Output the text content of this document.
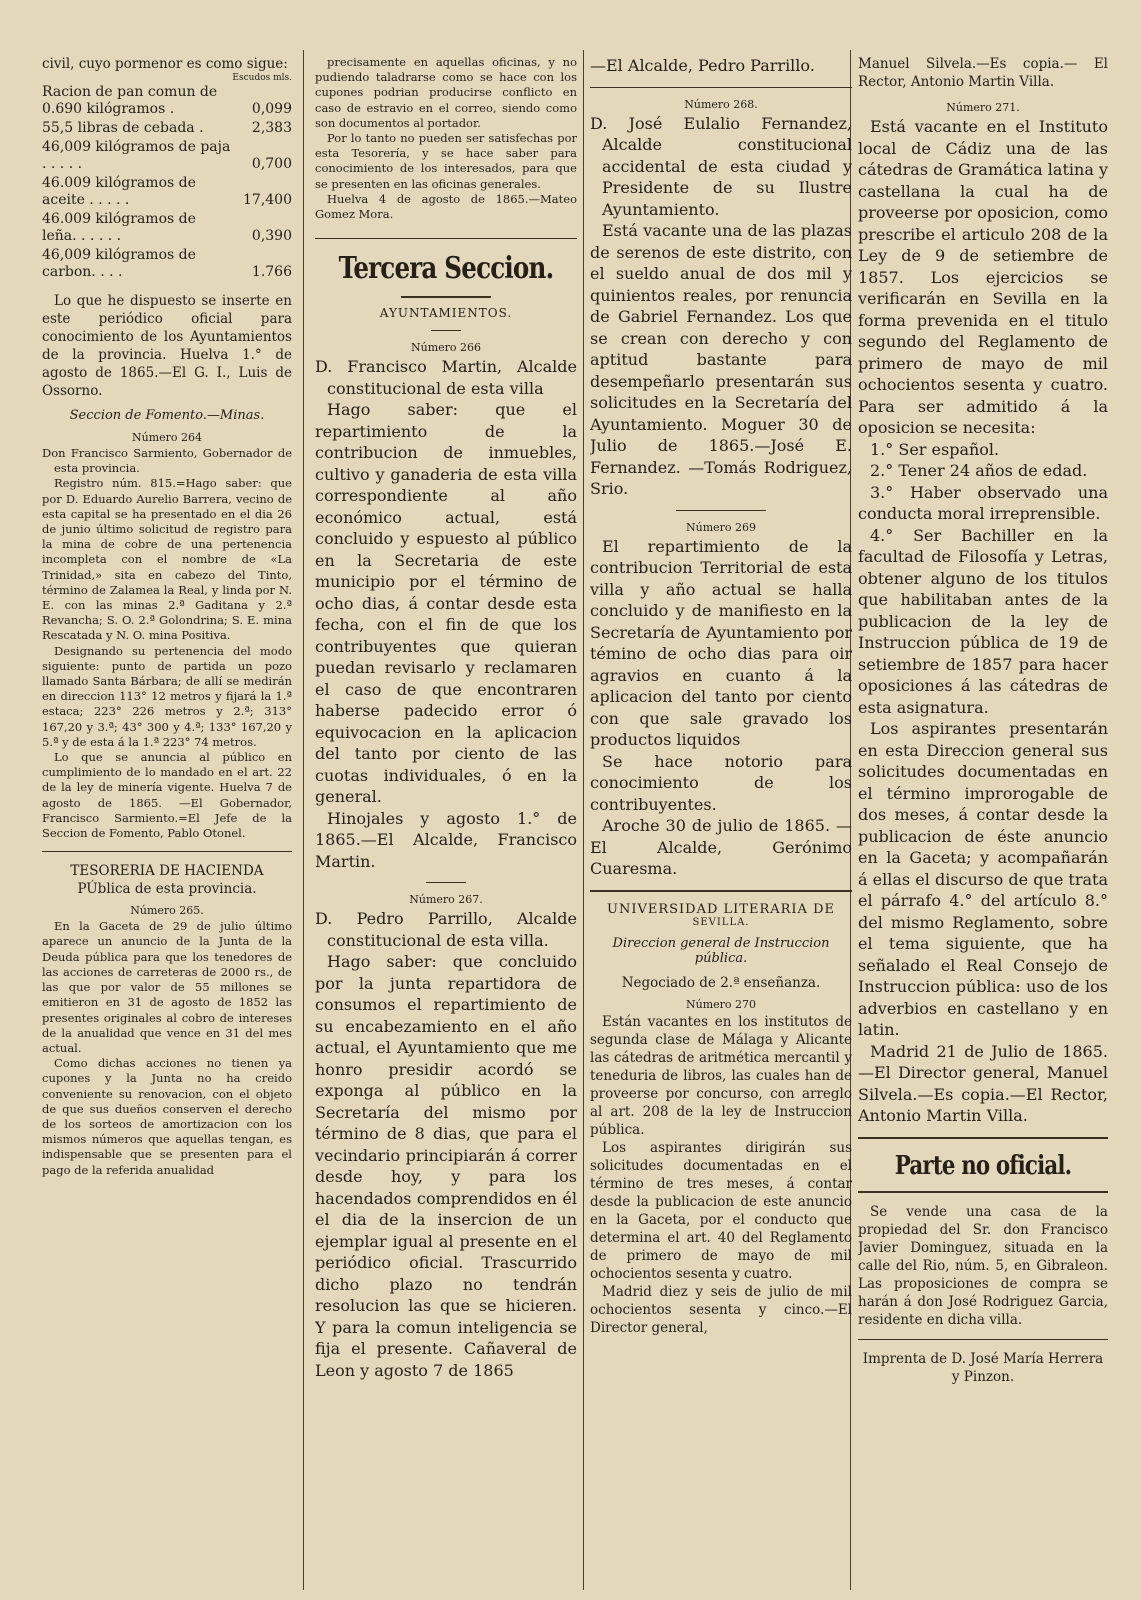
civil, cuyo pormenor es como sigue:

Escudos mls.
Racion de pan comun de 0.690 kilógramos .	0,099
55,5 libras de cebada .	2,383
46,009 kilógramos de paja . . . . .	0,700
46.009 kilógramos de aceite . . . . .	17,400
46.009 kilógramos de leña. . . . . .	0,390
46,009 kilógramos de carbon. . . .	1.766

Lo que he dispuesto se inserte en este periódico oficial para conocimiento de los Ayuntamientos de la provincia. Huelva 1.° de agosto de 1865.—El G. I., Luis de Ossorno.

Seccion de Fomento.—Minas.
Número 264

Don Francisco Sarmiento, Gobernador de esta provincia.

Registro núm. 815.=Hago saber: que por D. Eduardo Aurelio Barrera, vecino de esta capital se ha presentado en el dia 26 de junio último solicitud de registro para la mina de cobre de una pertenencia incompleta con el nombre de «La Trinidad,» sita en cabezo del Tinto, término de Zalamea la Real, y linda por N. E. con las minas 2.ª Gaditana y 2.ª Revancha; S. O. 2.ª Golondrina; S. E. mina Rescatada y N. O. mina Positiva.

Designando su pertenencia del modo siguiente: punto de partida un pozo llamado Santa Bárbara; de allí se medirán en direccion 113° 12 metros y fijará la 1.ª estaca; 223° 226 metros y 2.ª; 313° 167,20 y 3.ª; 43° 300 y 4.ª; 133° 167,20 y 5.ª y de esta á la 1.ª 223° 74 metros.

Lo que se anuncia al público en cumplimiento de lo mandado en el art. 22 de la ley de minería vigente. Huelva 7 de agosto de 1865. —El Gobernador, Francisco Sarmiento.=El Jefe de la Seccion de Fomento, Pablo Otonel.

TESORERIA DE HACIENDA PÚblica de esta provincia.
Número 265.

En la Gaceta de 29 de julio último aparece un anuncio de la Junta de la Deuda pública para que los tenedores de las acciones de carreteras de 2000 rs., de las que por valor de 55 millones se emitieron en 31 de agosto de 1852 las presentes originales al cobro de intereses de la anualidad que vence en 31 del mes actual.

Como dichas acciones no tienen ya cupones y la Junta no ha creido conveniente su renovacion, con el objeto de que sus dueños conserven el derecho de los sorteos de amortizacion con los mismos números que aquellas tengan, es indispensable que se presenten para el pago de la referida anualidad

precisamente en aquellas oficinas, y no pudiendo taladrarse como se hace con los cupones podrian producirse conflicto en caso de estravio en el correo, siendo como son documentos al portador.

Por lo tanto no pueden ser satisfechas por esta Tesorería, y se hace saber para conocimiento de los interesados, para que se presenten en las oficinas generales.

Huelva 4 de agosto de 1865.—Mateo Gomez Mora.

Tercera Seccion.
AYUNTAMIENTOS.
Número 266

D. Francisco Martin, Alcalde constitucional de esta villa

Hago saber: que el repartimiento de la contribucion de inmuebles, cultivo y ganaderia de esta villa correspondiente al año económico actual, está concluido y espuesto al público en la Secretaria de este municipio por el término de ocho dias, á contar desde esta fecha, con el fin de que los contribuyentes que quieran puedan revisarlo y reclamaren el caso de que encontraren haberse padecido error ó equivocacion en la aplicacion del tanto por ciento de las cuotas individuales, ó en la general.

Hinojales y agosto 1.° de 1865.—El Alcalde, Francisco Martin.

Número 267.

D. Pedro Parrillo, Alcalde constitucional de esta villa.

Hago saber: que concluido por la junta repartidora de consumos el repartimiento de su encabezamiento en el año actual, el Ayuntamiento que me honro presidir acordó se exponga al público en la Secretaría del mismo por término de 8 dias, que para el vecindario principiarán á correr desde hoy, y para los hacendados comprendidos en él el dia de la insercion de un ejemplar igual al presente en el periódico oficial. Trascurrido dicho plazo no tendrán resolucion las que se hicieren. Y para la comun inteligencia se fija el presente. Cañaveral de Leon y agosto 7 de 1865

—El Alcalde, Pedro Parrillo.

Número 268.

D. José Eulalio Fernandez, Alcalde constitucional accidental de esta ciudad y Presidente de su Ilustre Ayuntamiento.

Está vacante una de las plazas de serenos de este distrito, con el sueldo anual de dos mil y quinientos reales, por renuncia de Gabriel Fernandez. Los que se crean con derecho y con aptitud bastante para desempeñarlo presentarán sus solicitudes en la Secretaría del Ayuntamiento. Moguer 30 de Julio de 1865.—José E. Fernandez. —Tomás Rodriguez, Srio.

Número 269

El repartimiento de la contribucion Territorial de esta villa y año actual se halla concluido y de manifiesto en la Secretaría de Ayuntamiento por témino de ocho dias para oir agravios en cuanto á la aplicacion del tanto por ciento con que sale gravado los productos liquidos

Se hace notorio para conocimiento de los contribuyentes.

Aroche 30 de julio de 1865. —El Alcalde, Gerónimo Cuaresma.

UNIVERSIDAD LITERARIA DE
SEVILLA.
Direccion general de Instruccion pública.
Negociado de 2.ª enseñanza.
Número 270

Están vacantes en los institutos de segunda clase de Málaga y Alicante las cátedras de aritmética mercantil y teneduria de libros, las cuales han de proveerse por concurso, con arreglo al art. 208 de la ley de Instruccion pública.

Los aspirantes dirigirán sus solicitudes documentadas en el término de tres meses, á contar desde la publicacion de este anuncio en la Gaceta, por el conducto que determina el art. 40 del Reglamento de primero de mayo de mil ochocientos sesenta y cuatro.

Madrid diez y seis de julio de mil ochocientos sesenta y cinco.—El Director general,

Manuel Silvela.—Es copia.— El Rector, Antonio Martin Villa.

Número 271.

Está vacante en el Instituto local de Cádiz una de las cátedras de Gramática latina y castellana la cual ha de proveerse por oposicion, como prescribe el articulo 208 de la Ley de 9 de setiembre de 1857. Los ejercicios se verificarán en Sevilla en la forma prevenida en el titulo segundo del Reglamento de primero de mayo de mil ochocientos sesenta y cuatro. Para ser admitido á la oposicion se necesita:

1.° Ser español.

2.° Tener 24 años de edad.

3.° Haber observado una conducta moral irreprensible.

4.° Ser Bachiller en la facultad de Filosofía y Letras, obtener alguno de los titulos que habilitaban antes de la publicacion de la ley de Instruccion pública de 19 de setiembre de 1857 para hacer oposiciones á las cátedras de esta asignatura.

Los aspirantes presentarán en esta Direccion general sus solicitudes documentadas en el término improrogable de dos meses, á contar desde la publicacion de éste anuncio en la Gaceta; y acompañarán á ellas el discurso de que trata el párrafo 4.° del artículo 8.° del mismo Reglamento, sobre el tema siguiente, que ha señalado el Real Consejo de Instruccion pública: uso de los adverbios en castellano y en latin.

Madrid 21 de Julio de 1865. —El Director general, Manuel Silvela.—Es copia.—El Rector, Antonio Martin Villa.

Parte no oficial.

Se vende una casa de la propiedad del Sr. don Francisco Javier Dominguez, situada en la calle del Rio, núm. 5, en Gibraleon. Las proposiciones de compra se harán á don José Rodriguez Garcia, residente en dicha villa.

Imprenta de D. José María Herrera y Pinzon.
